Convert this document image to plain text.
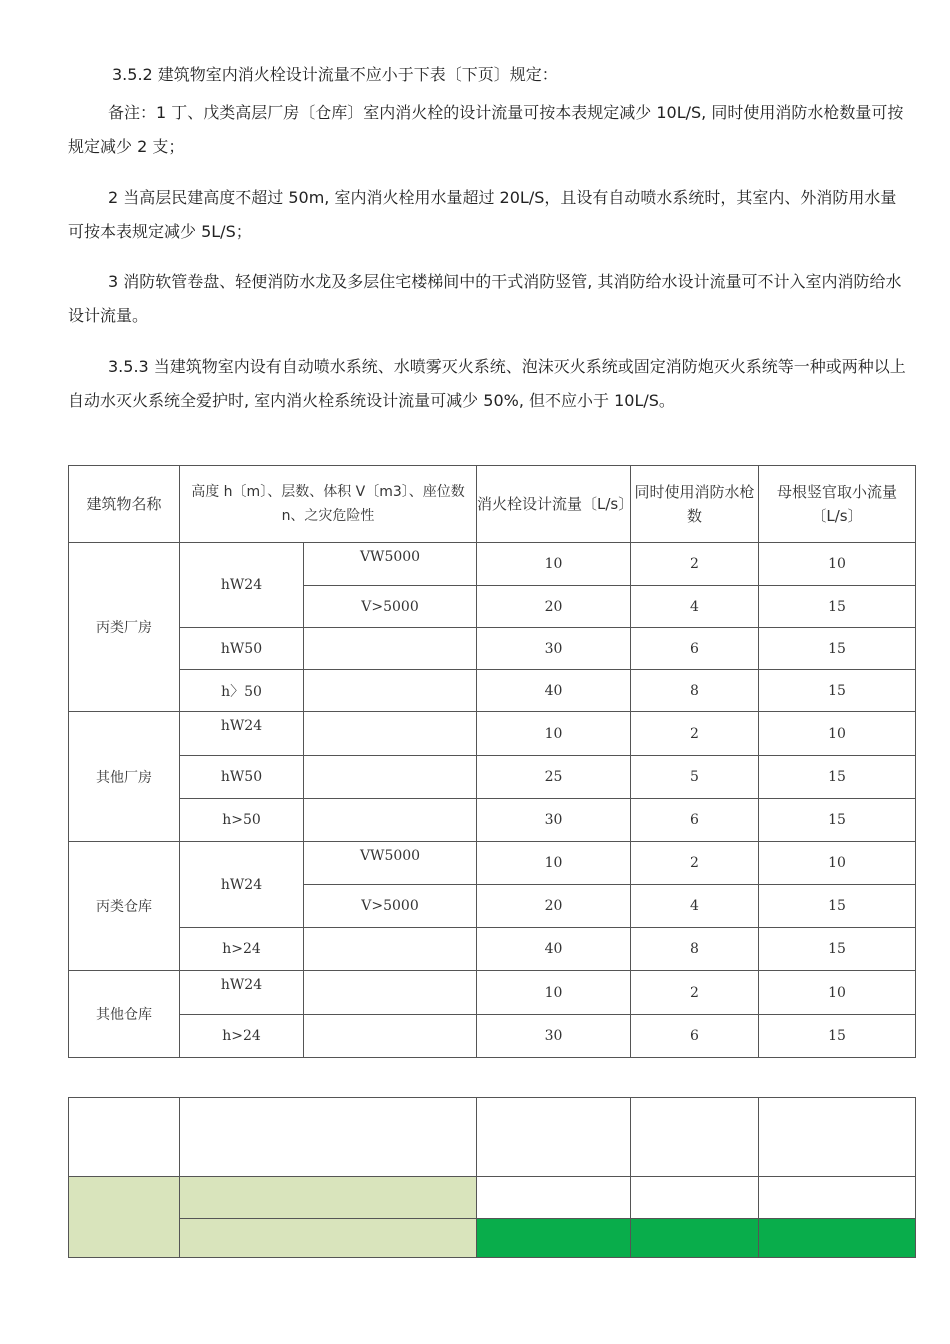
3.5.2 建筑物室内消火栓设计流量不应小于下表〔下页〕规定：

备注：1 丁、戊类高层厂房〔仓库〕室内消火栓的设计流量可按本表规定减少 10L/S, 同时使用消防水枪数量可按规定减少 2 支；

2 当高层民建高度不超过 50m, 室内消火栓用水量超过 20L/S，且设有自动喷水系统时，其室内、外消防用水量可按本表规定减少 5L/S；

3 消防软管卷盘、轻便消防水龙及多层住宅楼梯间中的干式消防竖管, 其消防给水设计流量可不计入室内消防给水设计流量。

3.5.3 当建筑物室内设有自动喷水系统、水喷雾灭火系统、泡沫灭火系统或固定消防炮灭火系统等一种或两种以上自动水灭火系统全爱护时, 室内消火栓系统设计流量可减少 50%, 但不应小于 10L/S。

建筑物名称	高度 h〔m〕、层数、体积 V〔m3〕、座位数 n、之灾危险性		消火栓设计流量〔L/s〕	同时使用消防水枪数	母根竖官取小流量〔L/s〕
丙类厂房	hW24	VW5000	10	2	10
		V>5000	20	4	15
	hW50		30	6	15
	h〉50		40	8	15
其他厂房	hW24		10	2	10
	hW50		25	5	15
	h>50		30	6	15
丙类仓库	hW24	VW5000	10	2	10
		V>5000	20	4	15
	h>24		40	8	15
其他仓库	hW24		10	2	10
	h>24		30	6	15
